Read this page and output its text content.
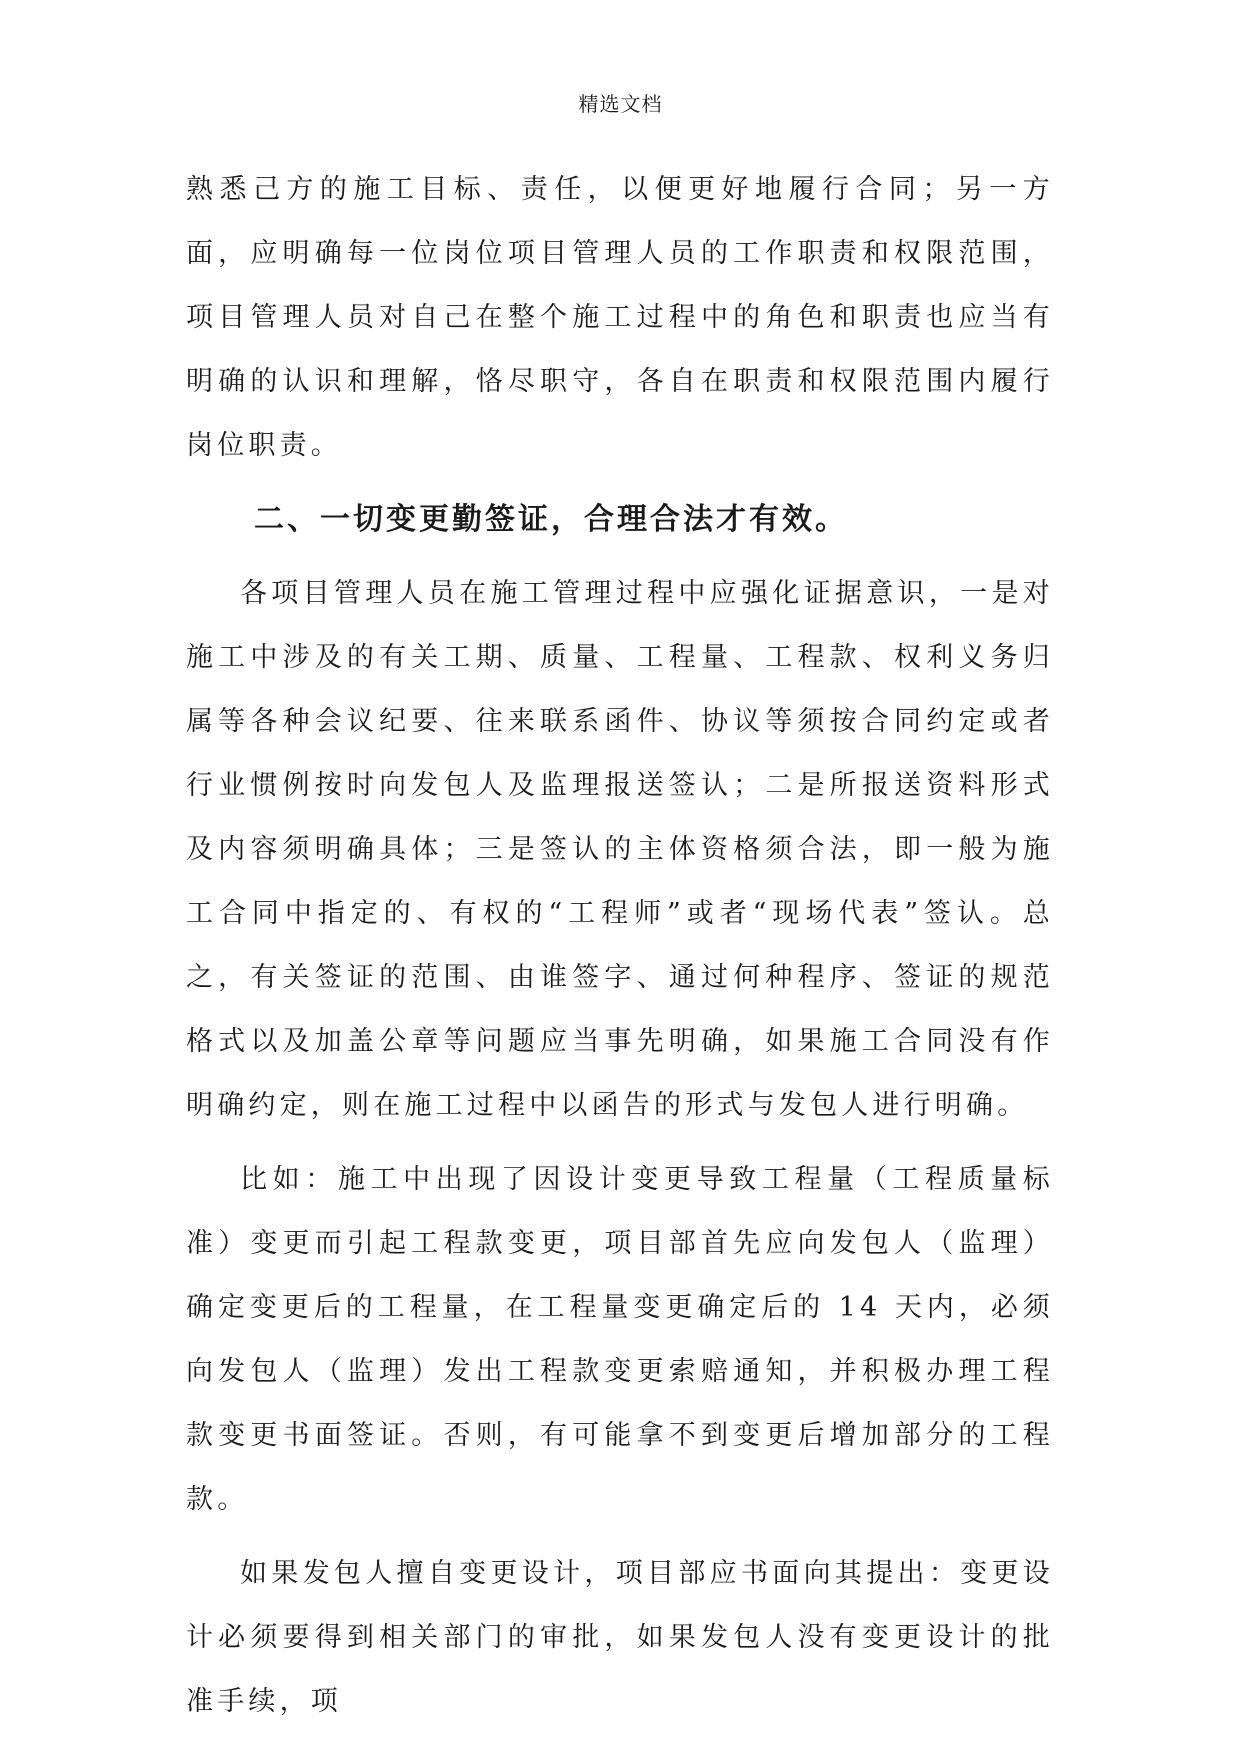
精选文档

熟悉己方的施工目标、责任，以便更好地履行合同；另一方面，应明确每一位岗位项目管理人员的工作职责和权限范围，项目管理人员对自己在整个施工过程中的角色和职责也应当有明确的认识和理解，恪尽职守，各自在职责和权限范围内履行岗位职责。

二、一切变更勤签证，合理合法才有效。

各项目管理人员在施工管理过程中应强化证据意识，一是对施工中涉及的有关工期、质量、工程量、工程款、权利义务归属等各种会议纪要、往来联系函件、协议等须按合同约定或者行业惯例按时向发包人及监理报送签认；二是所报送资料形式及内容须明确具体；三是签认的主体资格须合法，即一般为施工合同中指定的、有权的“工程师”或者“现场代表”签认。总之，有关签证的范围、由谁签字、通过何种程序、签证的规范格式以及加盖公章等问题应当事先明确，如果施工合同没有作明确约定，则在施工过程中以函告的形式与发包人进行明确。

比如：施工中出现了因设计变更导致工程量（工程质量标准）变更而引起工程款变更，项目部首先应向发包人（监理）确定变更后的工程量，在工程量变更确定后的 14 天内，必须向发包人（监理）发出工程款变更索赔通知，并积极办理工程款变更书面签证。否则，有可能拿不到变更后增加部分的工程款。

如果发包人擅自变更设计，项目部应书面向其提出：变更设计必须要得到相关部门的审批，如果发包人没有变更设计的批准手续，项
